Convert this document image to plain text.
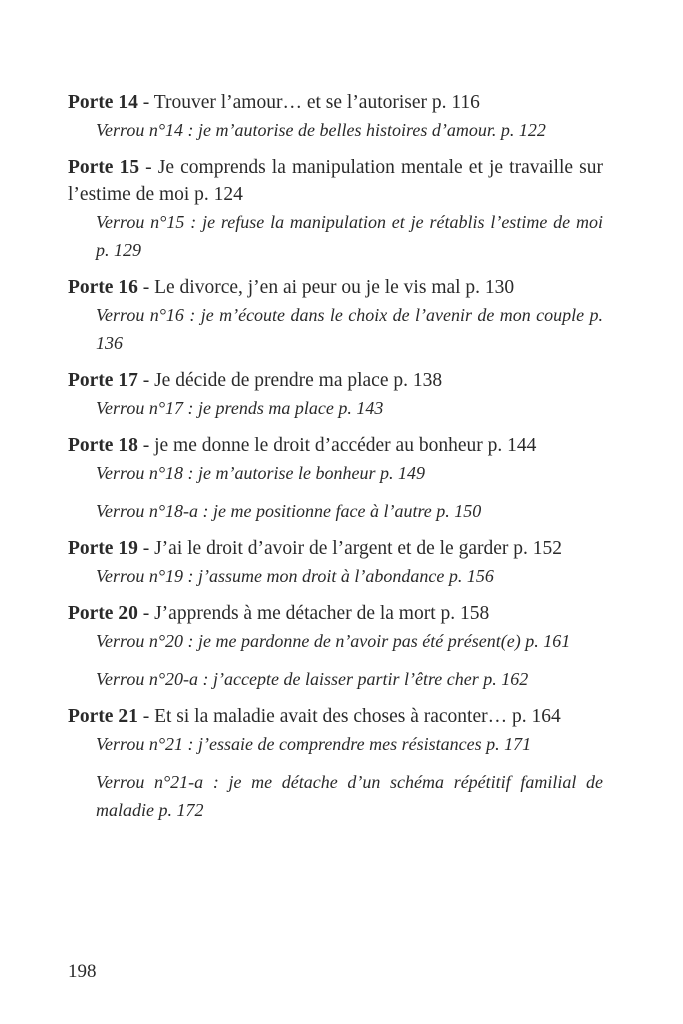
Porte 14 - Trouver l’amour… et se l’autoriser p. 116
Verrou n°14 : je m’autorise de belles histoires d’amour. p. 122
Porte 15 - Je comprends la manipulation mentale et je travaille sur l’estime de moi p. 124
Verrou n°15 : je refuse la manipulation et je rétablis l’estime de moi p. 129
Porte 16 - Le divorce, j’en ai peur ou je le vis mal p. 130
Verrou n°16 : je m’écoute dans le choix de l’avenir de mon couple p. 136
Porte 17 - Je décide de prendre ma place p. 138
Verrou n°17 : je prends ma place p. 143
Porte 18 - je me donne le droit d’accéder au bonheur p. 144
Verrou n°18 : je m’autorise le bonheur p. 149
Verrou n°18-a : je me positionne face à l’autre p. 150
Porte 19 - J’ai le droit d’avoir de l’argent et de le garder p. 152
Verrou n°19 : j’assume mon droit à l’abondance p. 156
Porte 20 - J’apprends à me détacher de la mort p. 158
Verrou n°20 : je me pardonne de n’avoir pas été présent(e) p. 161
Verrou n°20-a : j’accepte de laisser partir l’être cher p. 162
Porte 21 - Et si la maladie avait des choses à raconter… p. 164
Verrou n°21 : j’essaie de comprendre mes résistances p. 171
Verrou n°21-a : je me détache d’un schéma répétitif familial de maladie p. 172
198
